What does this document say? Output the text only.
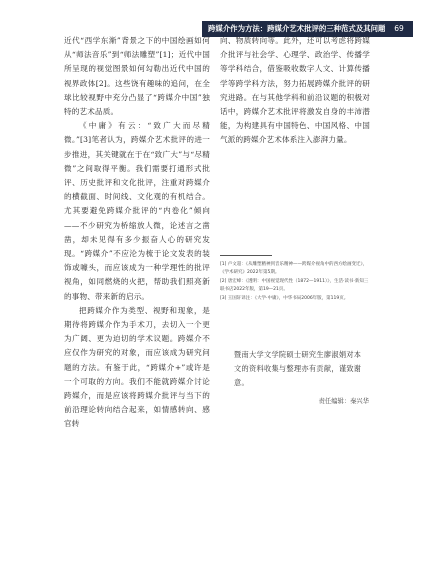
跨媒介作为方法：跨媒介艺术批评的三种范式及其问题	69

近代“西学东渐”背景之下的中国绘画如何从“师法音乐”到“师法雕塑”[1]；近代中国所呈现的视觉图景如何勾勒出近代中国的视界政体[2]。这些饶有趣味的追问，在全球比较视野中充分凸显了“跨媒介中国”独特的艺术品质。

《中庸》有云：“致广大而尽精微。”[3]笔者认为，跨媒介艺术批评的进一步推进，其关键就在于在“致广大”与“尽精微”之间取得平衡。我们需要打通形式批评、历史批评和文化批评，注重对跨媒介的横截面、时间线、文化观的有机结合。尤其要避免跨媒介批评的“内卷化”倾向——不少研究为桥缩放人微，论述言之凿凿，却未见得有多少振奋人心的研究发现。“跨媒介”不应沦为梳于论文发表的装饰或噱头，而应该成为一种学理性的批评视角，如同燃烧的火把，帮助我们照亮新的事物、带来新的启示。

把跨媒介作为类型、视野和现象，是期待将跨媒介作为手术刀，去切入一个更为广阔、更为迫切的学术议题。跨媒介不应仅作为研究的对象，而应该成为研究问题的方法。有鉴于此，“跨媒介+”或许是一个可取的方向。我们不能就跨媒介讨论跨媒介，而是应该将跨媒介批评与当下的前沿理论转向结合起来，如情感转向、感官转

向、物质转向等。此外，还可以考虑将跨媒介批评与社会学、心理学、政治学、传播学等学科结合，借鉴吸收数字人文、计算传播学等跨学科方法，努力拓展跨媒介批评的研究进路。在与其他学科和前沿议题的积极对话中，跨媒介艺术批评将激发自身的丰沛潜能，为构建具有中国特色、中国风格、中国气派的跨媒介艺术体系注入澎湃力量。

[1] 卢文超：《从雕塑精神到音乐精神——跨媒介视角中的西方绘画变迁》，《学术研究》2022年第5期。
[2] 唐宏峰：《透明：中国视觉现代性（1872—1911）》，生活·读书·新知三联书店2022年版，第19—21页。
[3] 王国轩译注：《大学·中庸》，中华书局2006年版，第119页。
暨南大学文学院硕士研究生廖淑娟对本文的资料收集与整理亦有贡献，谨致谢意。
责任编辑：秦兴华
